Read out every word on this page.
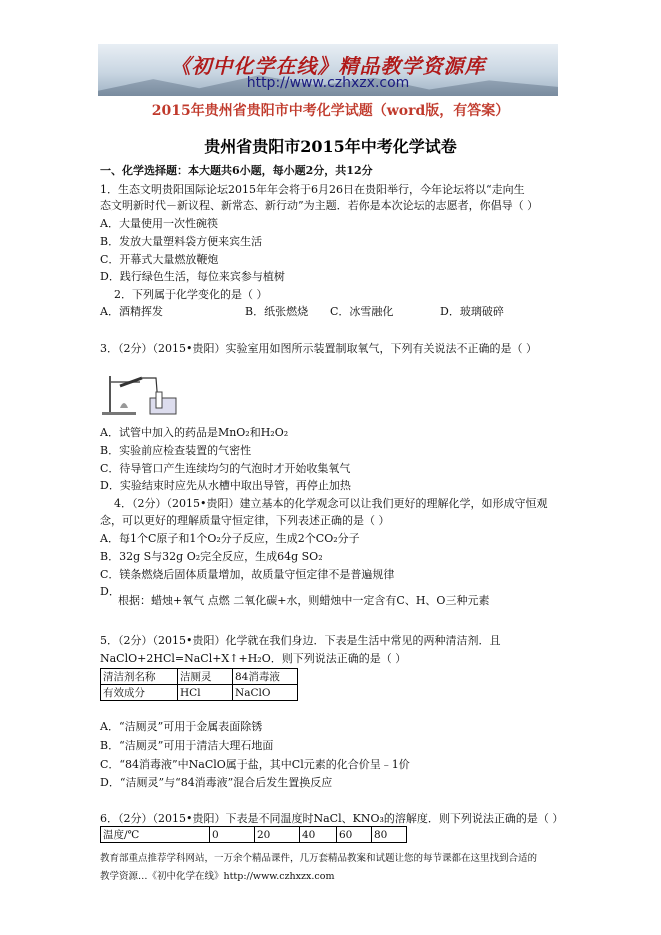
《初中化学在线》精品教学资源库
http://www.czhxzx.com
2015年贵州省贵阳市中考化学试题（word版，有答案）
贵州省贵阳市2015年中考化学试卷
一、化学选择题：本大题共6小题，每小题2分，共12分
1．生态文明贵阳国际论坛2015年年会将于6月26日在贵阳举行，今年论坛将以“走向生
态文明新时代－新议程、新常态、新行动”为主题．若你是本次论坛的志愿者，你倡导（ ）
A．大量使用一次性碗筷
B．发放大量塑料袋方便来宾生活
C．开幕式大量燃放鞭炮
D．践行绿色生活，每位来宾参与植树
2．下列属于化学变化的是（ ）
A．酒精挥发	B．纸张燃烧 C．冰雪融化	D．玻璃破碎
3．（2分）（2015•贵阳）实验室用如图所示装置制取氧气，下列有关说法不正确的是（ ）
A．试管中加入的药品是MnO₂和H₂O₂
B．实验前应检查装置的气密性
C．待导管口产生连续均匀的气泡时才开始收集氧气
D．实验结束时应先从水槽中取出导管，再停止加热
4．（2分）（2015•贵阳）建立基本的化学观念可以让我们更好的理解化学，如形成守恒观
念，可以更好的理解质量守恒定律，下列表述正确的是（ ）
A．每1个C原子和1个O₂分子反应，生成2个CO₂分子
B．32g S与32g O₂完全反应，生成64g SO₂
C．镁条燃烧后固体质量增加，故质量守恒定律不是普遍规律
D．
根据：蜡烛+氧气 点燃 二氧化碳+水，则蜡烛中一定含有C、H、O三种元素
5．（2分）（2015•贵阳）化学就在我们身边．下表是生活中常见的两种清洁剂．且
NaClO+2HCl=NaCl+X↑+H₂O．则下列说法正确的是（ ）
清洁剂名称	洁厕灵	84消毒液
有效成分	HCl	NaClO
A．“洁厕灵”可用于金属表面除锈
B．“洁厕灵”可用于清洁大理石地面
C．“84消毒液”中NaClO属于盐，其中Cl元素的化合价呈﹣1价
D．“洁厕灵”与“84消毒液”混合后发生置换反应
6．（2分）（2015•贵阳）下表是不同温度时NaCl、KNO₃的溶解度．则下列说法正确的是（ ）
温度/℃	0	20	40	60	80
教育部重点推荐学科网站，一万余个精品课件，几万套精品教案和试题让您的每节课都在这里找到合适的
教学资源…《初中化学在线》http://www.czhxzx.com
